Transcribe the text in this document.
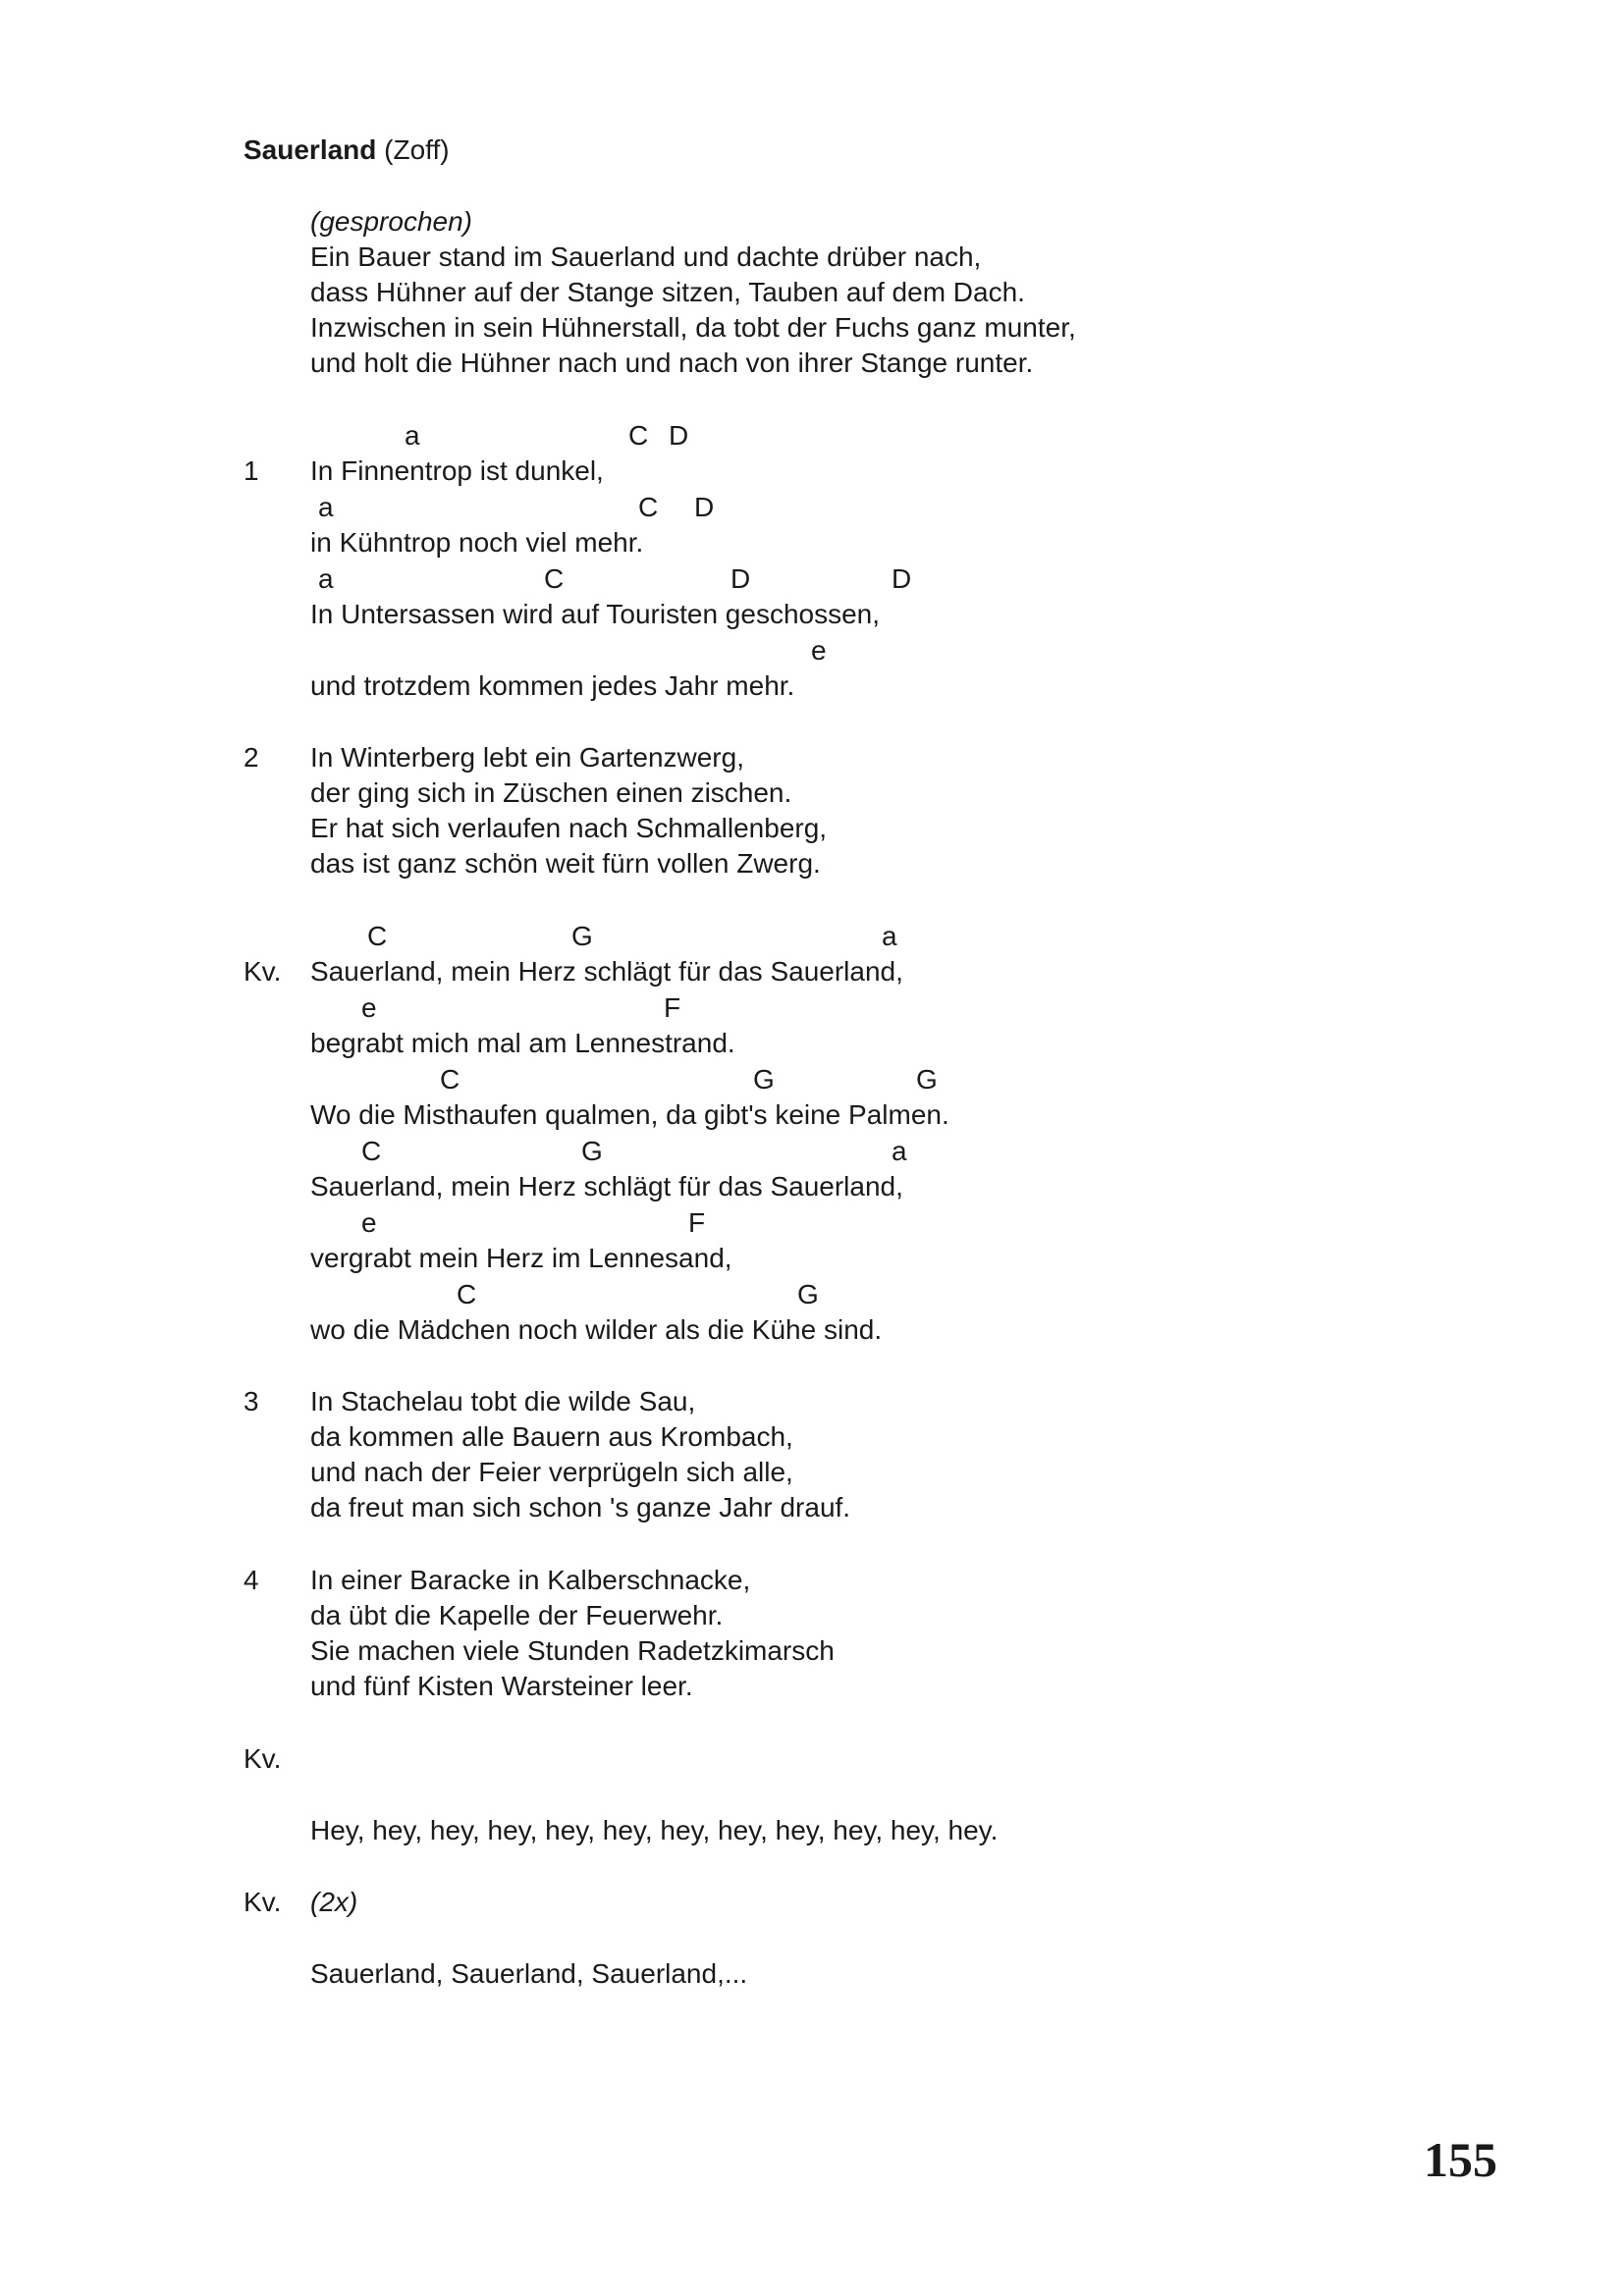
Sauerland (Zoff)
(gesprochen)
Ein Bauer stand im Sauerland und dachte drüber nach,
dass Hühner auf der Stange sitzen, Tauben auf dem Dach.
Inzwischen in sein Hühnerstall, da tobt der Fuchs ganz munter,
und holt die Hühner nach und nach von ihrer Stange runter.
a	C D
1 In Finnentrop ist dunkel,
a	C D
in Kühntrop noch viel mehr.
a	C	D	D
In Untersassen wird auf Touristen geschossen,
e
und trotzdem kommen jedes Jahr mehr.
2 In Winterberg lebt ein Gartenzwerg,
der ging sich in Züschen einen zischen.
Er hat sich verlaufen nach Schmallenberg,
das ist ganz schön weit fürn vollen Zwerg.
C	G	a
Kv. Sauerland, mein Herz schlägt für das Sauerland,
e	F
begrabt mich mal am Lennestrand.
C	G	G
Wo die Misthaufen qualmen, da gibt's keine Palmen.
C	G	a
Sauerland, mein Herz schlägt für das Sauerland,
e	F
vergrabt mein Herz im Lennesand,
C	G
wo die Mädchen noch wilder als die Kühe sind.
3 In Stachelau tobt die wilde Sau,
da kommen alle Bauern aus Krombach,
und nach der Feier verprügeln sich alle,
da freut man sich schon 's ganze Jahr drauf.
4 In einer Baracke in Kalberschnacke,
da übt die Kapelle der Feuerwehr.
Sie machen viele Stunden Radetzkimarsch
und fünf Kisten Warsteiner leer.
Kv.
Hey, hey, hey, hey, hey, hey, hey, hey, hey, hey, hey, hey.
Kv. (2x)
Sauerland, Sauerland, Sauerland,...
155
